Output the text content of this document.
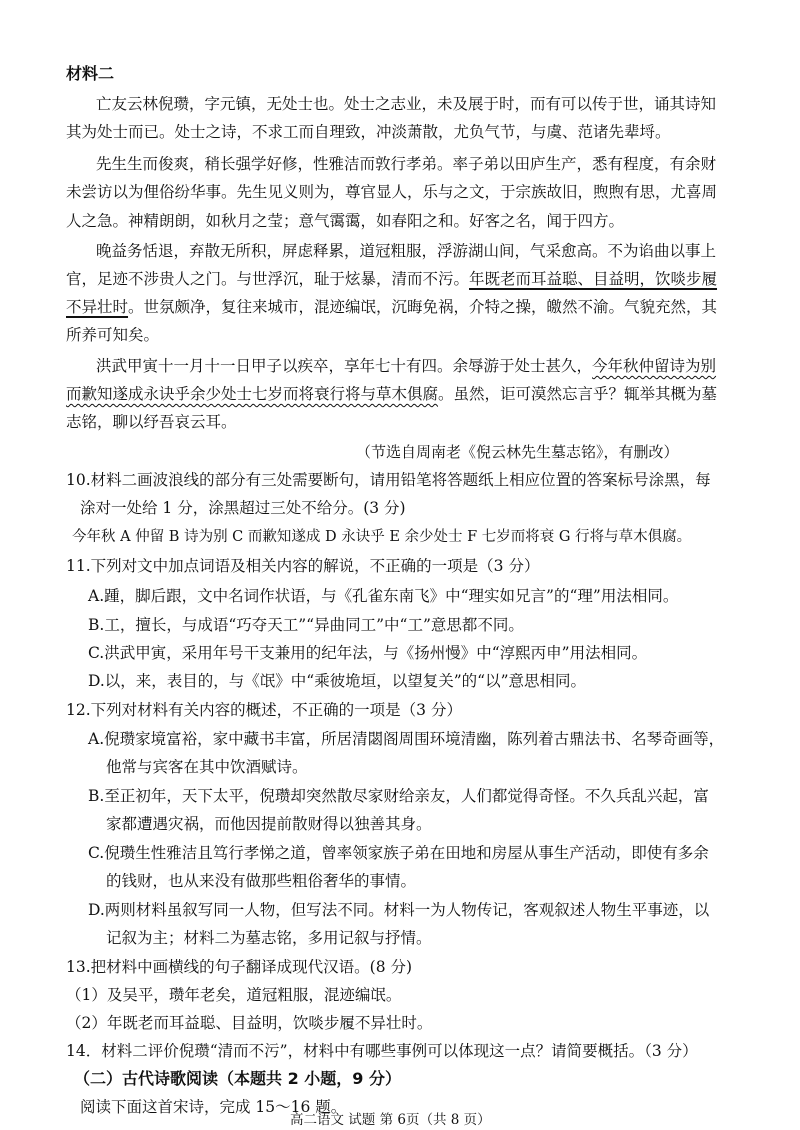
材料二
亡友云林倪瓒，字元镇，无处士也。处士之志业，未及展于时，而有可以传于世，诵其诗知
其为处士而已。处士之诗，不求工而自理致，冲淡萧散，尤负气节，与虞、范诸先辈埒。
先生生而俊爽，稍长强学好修，性雅洁而敦行孝弟。率子弟以田庐生产，悉有程度，有余财
未尝访以为俚俗纷华事。先生见义则为，尊官显人，乐与之文，于宗族故旧，煦煦有思，尤喜周
人之急。神精朗朗，如秋月之莹；意气霭霭，如春阳之和。好客之名，闻于四方。
晚益务恬退，弃散无所积，屏虑释累，道冠粗服，浮游湖山间，气采愈高。不为谄曲以事上
官，足迹不涉贵人之门。与世浮沉，耻于炫暴，清而不污。年既老而耳益聪、目益明，饮啖步履
不异壮时。世氛颇净，复往来城市，混迹编氓，沉晦免祸，介特之操，皦然不渝。气貌充然，其
所养可知矣。
洪武甲寅十一月十一日甲子以疾卒，享年七十有四。余辱游于处士甚久，今年秋仲留诗为别
而歉知遂成永诀乎余少处士七岁而将衰行将与草木俱腐。虽然，讵可漠然忘言乎？辄举其概为墓
志铭，聊以纾吾哀云耳。
（节选自周南老《倪云林先生墓志铭》，有删改）
10.材料二画波浪线的部分有三处需要断句，请用铅笔将答题纸上相应位置的答案标号涂黑，每
涂对一处给 1 分，涂黑超过三处不给分。(3 分)
今年秋 A 仲留 B 诗为别 C 而歉知遂成 D 永诀乎 E 余少处士 F 七岁而将衰 G 行将与草木俱腐。
11.下列对文中加点词语及相关内容的解说，不正确的一项是（3 分）
A.踵，脚后跟，文中名词作状语，与《孔雀东南飞》中“理实如兄言”的“理”用法相同。
B.工，擅长，与成语“巧夺天工”“异曲同工”中“工”意思都不同。
C.洪武甲寅，采用年号干支兼用的纪年法，与《扬州慢》中“淳熙丙申”用法相同。
D.以，来，表目的，与《氓》中“乘彼垝垣，以望复关”的“以”意思相同。
12.下列对材料有关内容的概述，不正确的一项是（3 分）
A.倪瓒家境富裕，家中藏书丰富，所居清閟阁周围环境清幽，陈列着古鼎法书、名琴奇画等，
他常与宾客在其中饮酒赋诗。
B.至正初年，天下太平，倪瓒却突然散尽家财给亲友，人们都觉得奇怪。不久兵乱兴起，富
家都遭遇灾祸，而他因提前散财得以独善其身。
C.倪瓒生性雅洁且笃行孝悌之道，曾率领家族子弟在田地和房屋从事生产活动，即使有多余
的钱财，也从来没有做那些粗俗奢华的事情。
D.两则材料虽叙写同一人物，但写法不同。材料一为人物传记，客观叙述人物生平事迹，以
记叙为主；材料二为墓志铭，多用记叙与抒情。
13.把材料中画横线的句子翻译成现代汉语。(8 分)
（1）及吴平，瓒年老矣，道冠粗服，混迹编氓。
（2）年既老而耳益聪、目益明，饮啖步履不异壮时。
14．材料二评价倪瓒“清而不污”，材料中有哪些事例可以体现这一点？请简要概括。（3 分）
（二）古代诗歌阅读（本题共 2 小题，9 分）
阅读下面这首宋诗，完成 15～16 题。
高二语文 试题 第 6页（共 8 页）
